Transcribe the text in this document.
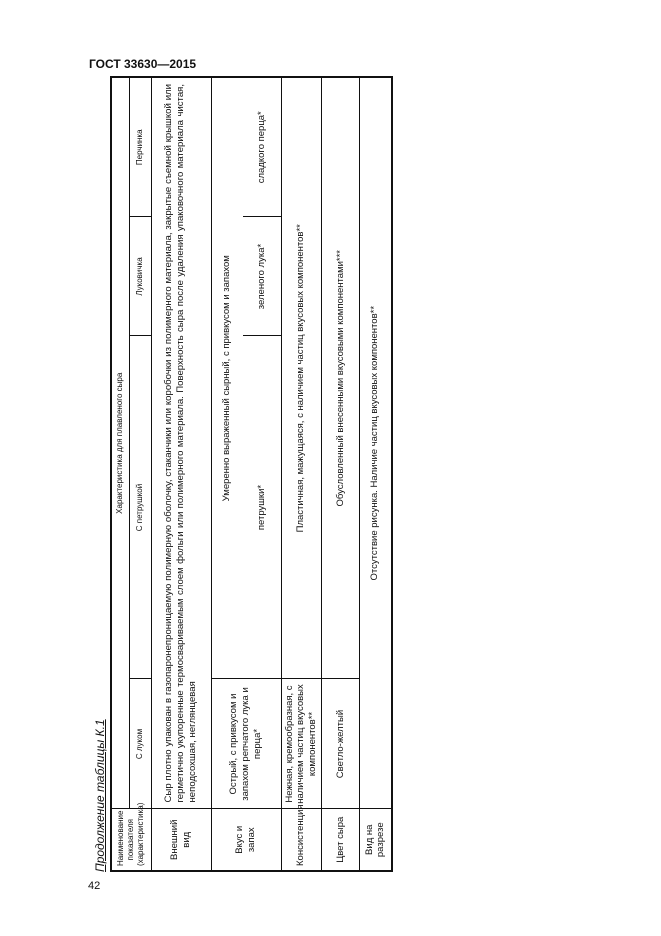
ГОСТ 33630—2015
Продолжение таблицы К.1 Наименование показателя (характеристика)	Характеристика для плавленого сыра			
	С луком	С петрушкой	Луковичка	Перчинка
Внешний вид	Сыр плотно упакован в газопаронепроницаемую полимерную оболочку, стаканчики или коробочки из полимерного материала, закрытые съемной крышкой или герметично укупоренные термосвариваемым слоем фольги или полимерного материала. Поверхность сыра после удаления упаковочного материала чистая, неподсохшая, неглянцевая			
Вкус и запах	Острый, с привкусом и запахом репчатого лука и перца*	Умеренно выраженный сырный, с привкусом и запахом		
		петрушки*	зеленого лука*	сладкого перца*
Консистенция	Нежная, кремообразная, с наличием частиц вкусовых компонентов**	Пластичная, мажущаяся, с наличием частиц вкусовых компонентов**		
Цвет сыра	Светло-желтый	Обусловленный внесенными вкусовыми компонентами***		
Вид на разрезе	Отсутствие рисунка. Наличие частиц вкусовых компонентов**			
42
